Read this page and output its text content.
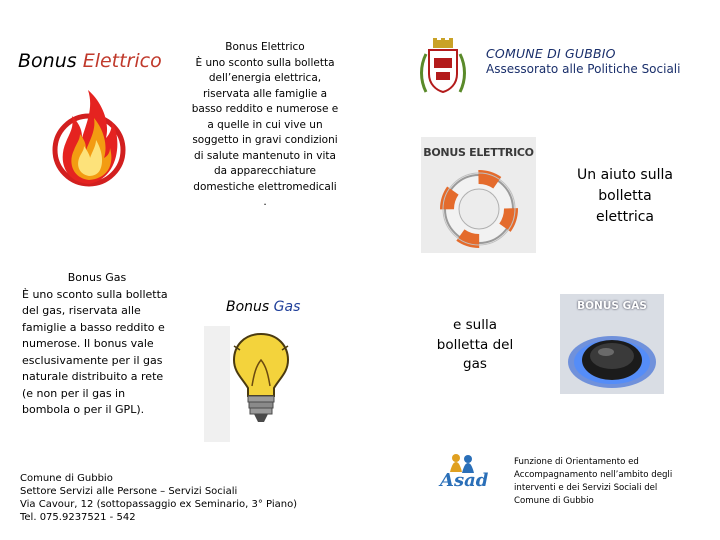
Bonus Elettrico
Bonus Elettrico
È uno sconto sulla bolletta dell’energia elettrica, riservata alle famiglie a basso reddito e numerose e a quelle in cui vive un soggetto in gravi condizioni di salute mantenuto in vita da apparecchiature domestiche elettromedicali .
COMUNE DI GUBBIO
Assessorato alle Politiche Sociali
BONUS ELETTRICO
Un aiuto sulla bolletta elettrica
Bonus Gas
È uno sconto sulla bolletta del gas, riservata alle famiglie a basso reddito e numerose. Il bonus vale esclusivamente per il gas naturale distribuito a rete (e non per il gas in bombola o per il GPL).
Bonus Gas
e sulla bolletta del gas
BONUS GAS
Comune di Gubbio
Settore Servizi alle Persone – Servizi Sociali
Via Cavour, 12 (sottopassaggio ex Seminario, 3° Piano)
Tel. 075.9237521 - 542
Asad
Funzione di Orientamento ed Accompagnamento nell’ambito degli interventi e dei Servizi Sociali del Comune di Gubbio
